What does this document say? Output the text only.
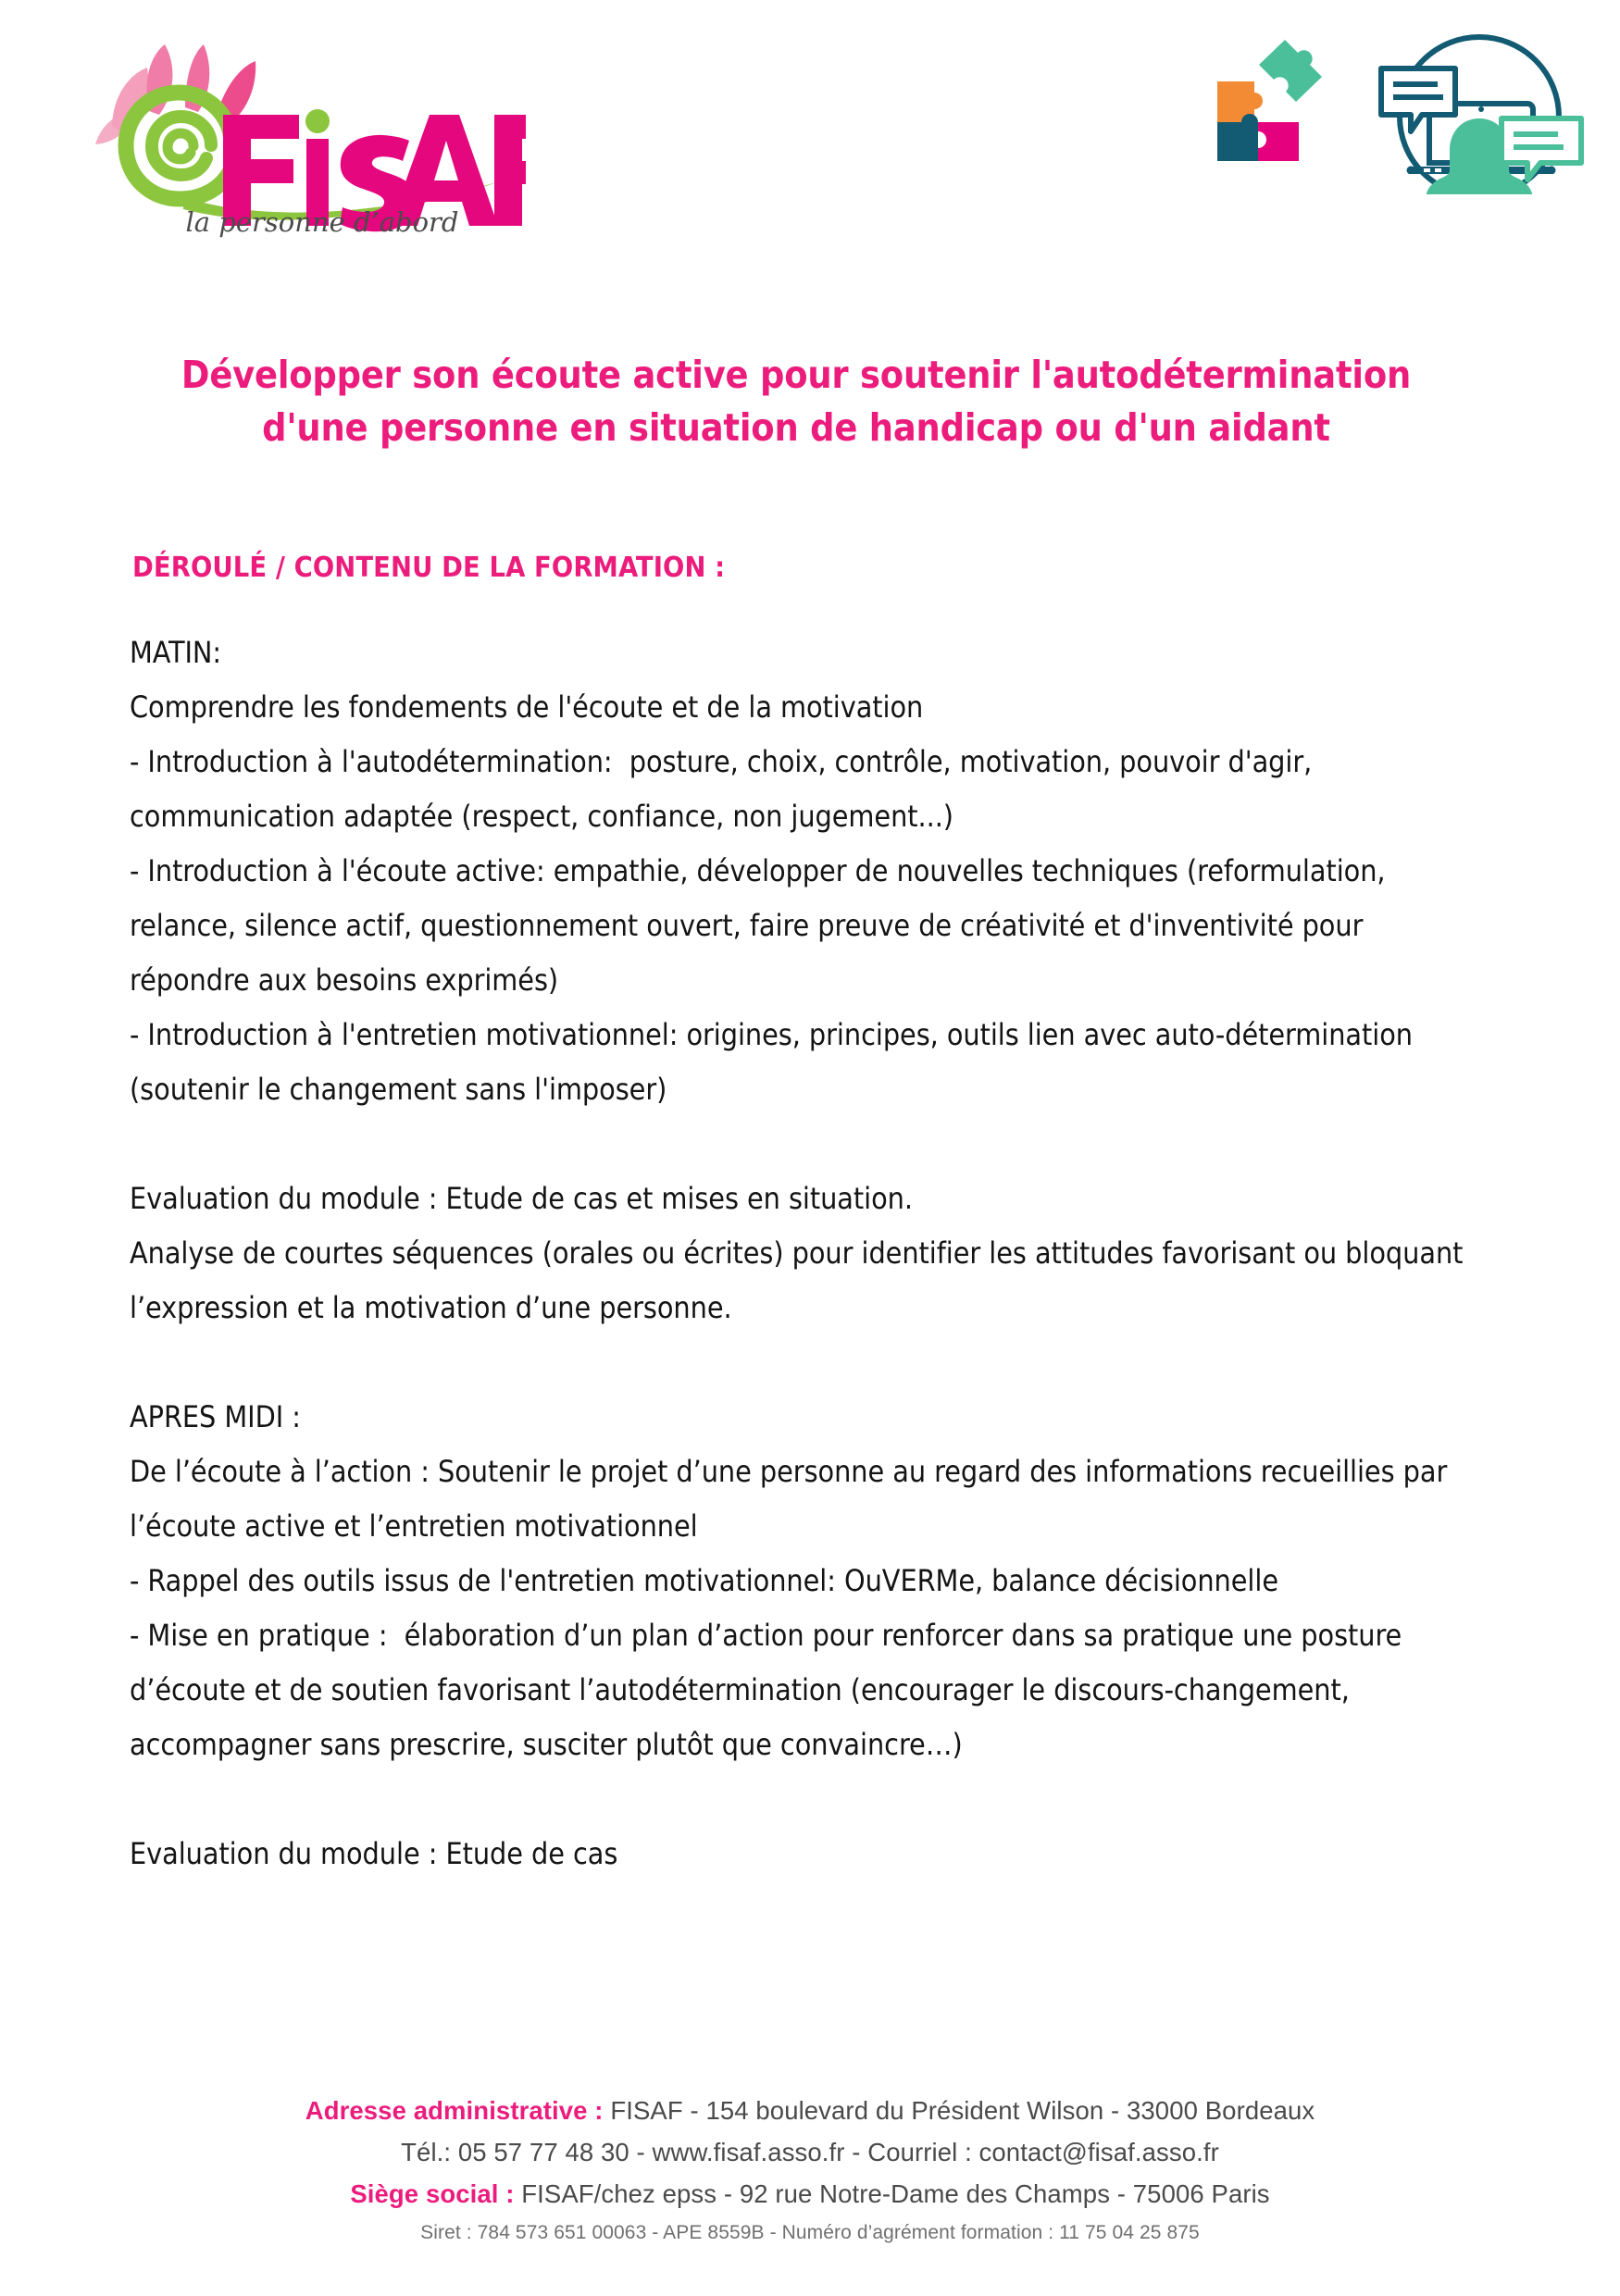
la personne d’abord
Développer son écoute active pour soutenir l'autodétermination
d'une personne en situation de handicap ou d'un aidant
DÉROULÉ / CONTENU DE LA FORMATION :

MATIN:

Comprendre les fondements de l'écoute et de la motivation

- Introduction à l'autodétermination:  posture, choix, contrôle, motivation, pouvoir d'agir, communication adaptée (respect, confiance, non jugement...)

- Introduction à l'écoute active: empathie, développer de nouvelles techniques (reformulation, relance, silence actif, questionnement ouvert, faire preuve de créativité et d'inventivité pour répondre aux besoins exprimés)

- Introduction à l'entretien motivationnel: origines, principes, outils lien avec auto-détermination (soutenir le changement sans l'imposer)

Evaluation du module : Etude de cas et mises en situation.

Analyse de courtes séquences (orales ou écrites) pour identifier les attitudes favorisant ou bloquant l’expression et la motivation d’une personne.

APRES MIDI :

De l’écoute à l’action : Soutenir le projet d’une personne au regard des informations recueillies par l’écoute active et l’entretien motivationnel

- Rappel des outils issus de l'entretien motivationnel: OuVERMe, balance décisionnelle

- Mise en pratique :  élaboration d’un plan d’action pour renforcer dans sa pratique une posture d’écoute et de soutien favorisant l’autodétermination (encourager le discours-changement, accompagner sans prescrire, susciter plutôt que convaincre…)

Evaluation du module : Etude de cas

Adresse administrative : FISAF - 154 boulevard du Président Wilson - 33000 Bordeaux
Tél.: 05 57 77 48 30 - www.fisaf.asso.fr - Courriel : contact@fisaf.asso.fr
Siège social : FISAF/chez epss - 92 rue Notre-Dame des Champs - 75006 Paris
Siret : 784 573 651 00063 - APE 8559B - Numéro d’agrément formation : 11 75 04 25 875
